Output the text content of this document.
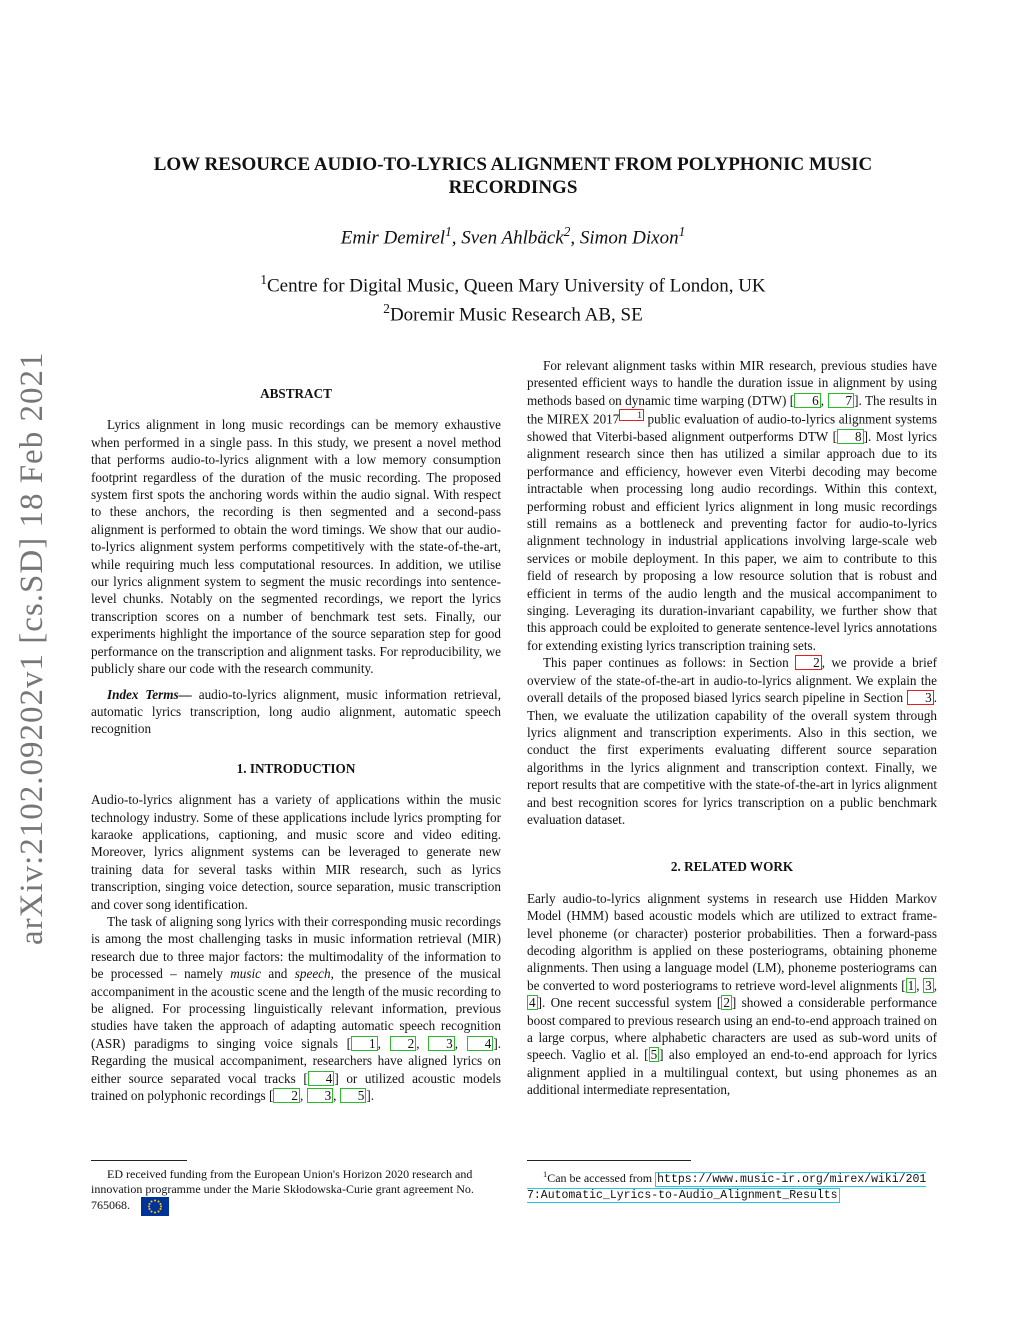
arXiv:2102.09202v1 [cs.SD] 18 Feb 2021
LOW RESOURCE AUDIO-TO-LYRICS ALIGNMENT FROM POLYPHONIC MUSIC RECORDINGS
Emir Demirel$^1$, Sven Ahlbäck$^2$, Simon Dixon$^1$
$^1$Centre for Digital Music, Queen Mary University of London, UK
$^2$Doremir Music Research AB, SE
ABSTRACT

Lyrics alignment in long music recordings can be memory exhaustive when performed in a single pass. In this study, we present a novel method that performs audio-to-lyrics alignment with a low memory consumption footprint regardless of the duration of the music recording. The proposed system first spots the anchoring words within the audio signal. With respect to these anchors, the recording is then segmented and a second-pass alignment is performed to obtain the word timings. We show that our audio-to-lyrics alignment system performs competitively with the state-of-the-art, while requiring much less computational resources. In addition, we utilise our lyrics alignment system to segment the music recordings into sentence-level chunks. Notably on the segmented recordings, we report the lyrics transcription scores on a number of benchmark test sets. Finally, our experiments highlight the importance of the source separation step for good performance on the transcription and alignment tasks. For reproducibility, we publicly share our code with the research community.

Index Terms— audio-to-lyrics alignment, music information retrieval, automatic lyrics transcription, long audio alignment, automatic speech recognition

1. INTRODUCTION

Audio-to-lyrics alignment has a variety of applications within the music technology industry. Some of these applications include lyrics prompting for karaoke applications, captioning, and music score and video editing. Moreover, lyrics alignment systems can be leveraged to generate new training data for several tasks within MIR research, such as lyrics transcription, singing voice detection, source separation, music transcription and cover song identification.

The task of aligning song lyrics with their corresponding music recordings is among the most challenging tasks in music information retrieval (MIR) research due to three major factors: the multimodality of the information to be processed – namely music and speech, the presence of the musical accompaniment in the acoustic scene and the length of the music recording to be aligned. For processing linguistically relevant information, previous studies have taken the approach of adapting automatic speech recognition (ASR) paradigms to singing voice signals [ 1 , 2 , 3 , 4 ]. Regarding the musical accompaniment, researchers have aligned lyrics on either source separated vocal tracks [ 4 ] or utilized acoustic models trained on polyphonic recordings [ 2 , 3 , 5 ].

ED received funding from the European Union's Horizon 2020 research and innovation programme under the Marie Skłodowska-Curie grant agreement No. 765068.

For relevant alignment tasks within MIR research, previous studies have presented efficient ways to handle the duration issue in alignment by using methods based on dynamic time warping (DTW) [ 6 , 7 ]. The results in the MIREX 2017 1 public evaluation of audio-to-lyrics alignment systems showed that Viterbi-based alignment outperforms DTW [ 8 ]. Most lyrics alignment research since then has utilized a similar approach due to its performance and efficiency, however even Viterbi decoding may become intractable when processing long audio recordings. Within this context, performing robust and efficient lyrics alignment in long music recordings still remains as a bottleneck and preventing factor for audio-to-lyrics alignment technology in industrial applications involving large-scale web services or mobile deployment. In this paper, we aim to contribute to this field of research by proposing a low resource solution that is robust and efficient in terms of the audio length and the musical accompaniment to singing. Leveraging its duration-invariant capability, we further show that this approach could be exploited to generate sentence-level lyrics annotations for extending existing lyrics transcription training sets.

This paper continues as follows: in Section 2 , we provide a brief overview of the state-of-the-art in audio-to-lyrics alignment. We explain the overall details of the proposed biased lyrics search pipeline in Section 3 . Then, we evaluate the utilization capability of the overall system through lyrics alignment and transcription experiments. Also in this section, we conduct the first experiments evaluating different source separation algorithms in the lyrics alignment and transcription context. Finally, we report results that are competitive with the state-of-the-art in lyrics alignment and best recognition scores for lyrics transcription on a public benchmark evaluation dataset.

2. RELATED WORK

Early audio-to-lyrics alignment systems in research use Hidden Markov Model (HMM) based acoustic models which are utilized to extract frame-level phoneme (or character) posterior probabilities. Then a forward-pass decoding algorithm is applied on these posteriograms, obtaining phoneme alignments. Then using a language model (LM), phoneme posteriograms can be converted to word posteriograms to retrieve word-level alignments [ 1 , 3 , 4 ]. One recent successful system [ 2 ] showed a considerable performance boost compared to previous research using an end-to-end approach trained on a large corpus, where alphabetic characters are used as sub-word units of speech. Vaglio et al. [ 5 ] also employed an end-to-end approach for lyrics alignment applied in a multilingual context, but using phonemes as an additional intermediate representation,

$^1$Can be accessed from https://www.music-ir.org/mirex/wiki/2017:Automatic_Lyrics-to-Audio_Alignment_Results
